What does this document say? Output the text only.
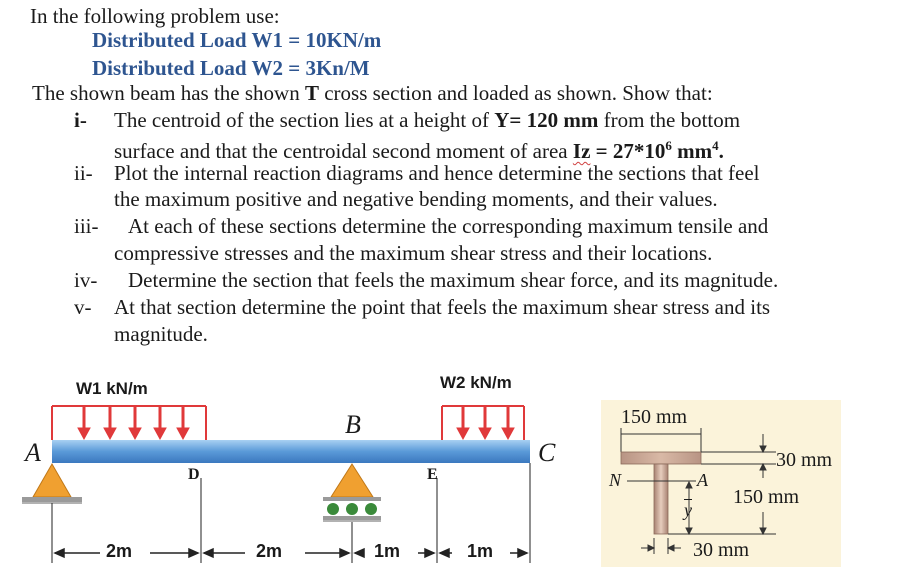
In the following problem use:
Distributed Load W1 = 10KN/m
Distributed Load W2 = 3Kn/M
The shown beam has the shown T cross section and loaded as shown. Show that:
i- The centroid of the section lies at a height of Y= 120 mm from the bottom
surface and that the centroidal second moment of area $Iz = 27*10^6$ $mm^4$.
ii- Plot the internal reaction diagrams and hence determine the sections that feel
the maximum positive and negative bending moments, and their values.
iii- At each of these sections determine the corresponding maximum tensile and
compressive stresses and the maximum shear stress and their locations.
iv- Determine the section that feels the maximum shear force, and its magnitude.
v- At that section determine the point that feels the maximum shear stress and its
magnitude.
W1 kN/m	W2 kN/m
A
B
C
D	E
2m	2m	1m	1m
150 mm
30 mm
150 mm
30 mm
N	A
$\overline{y}$
